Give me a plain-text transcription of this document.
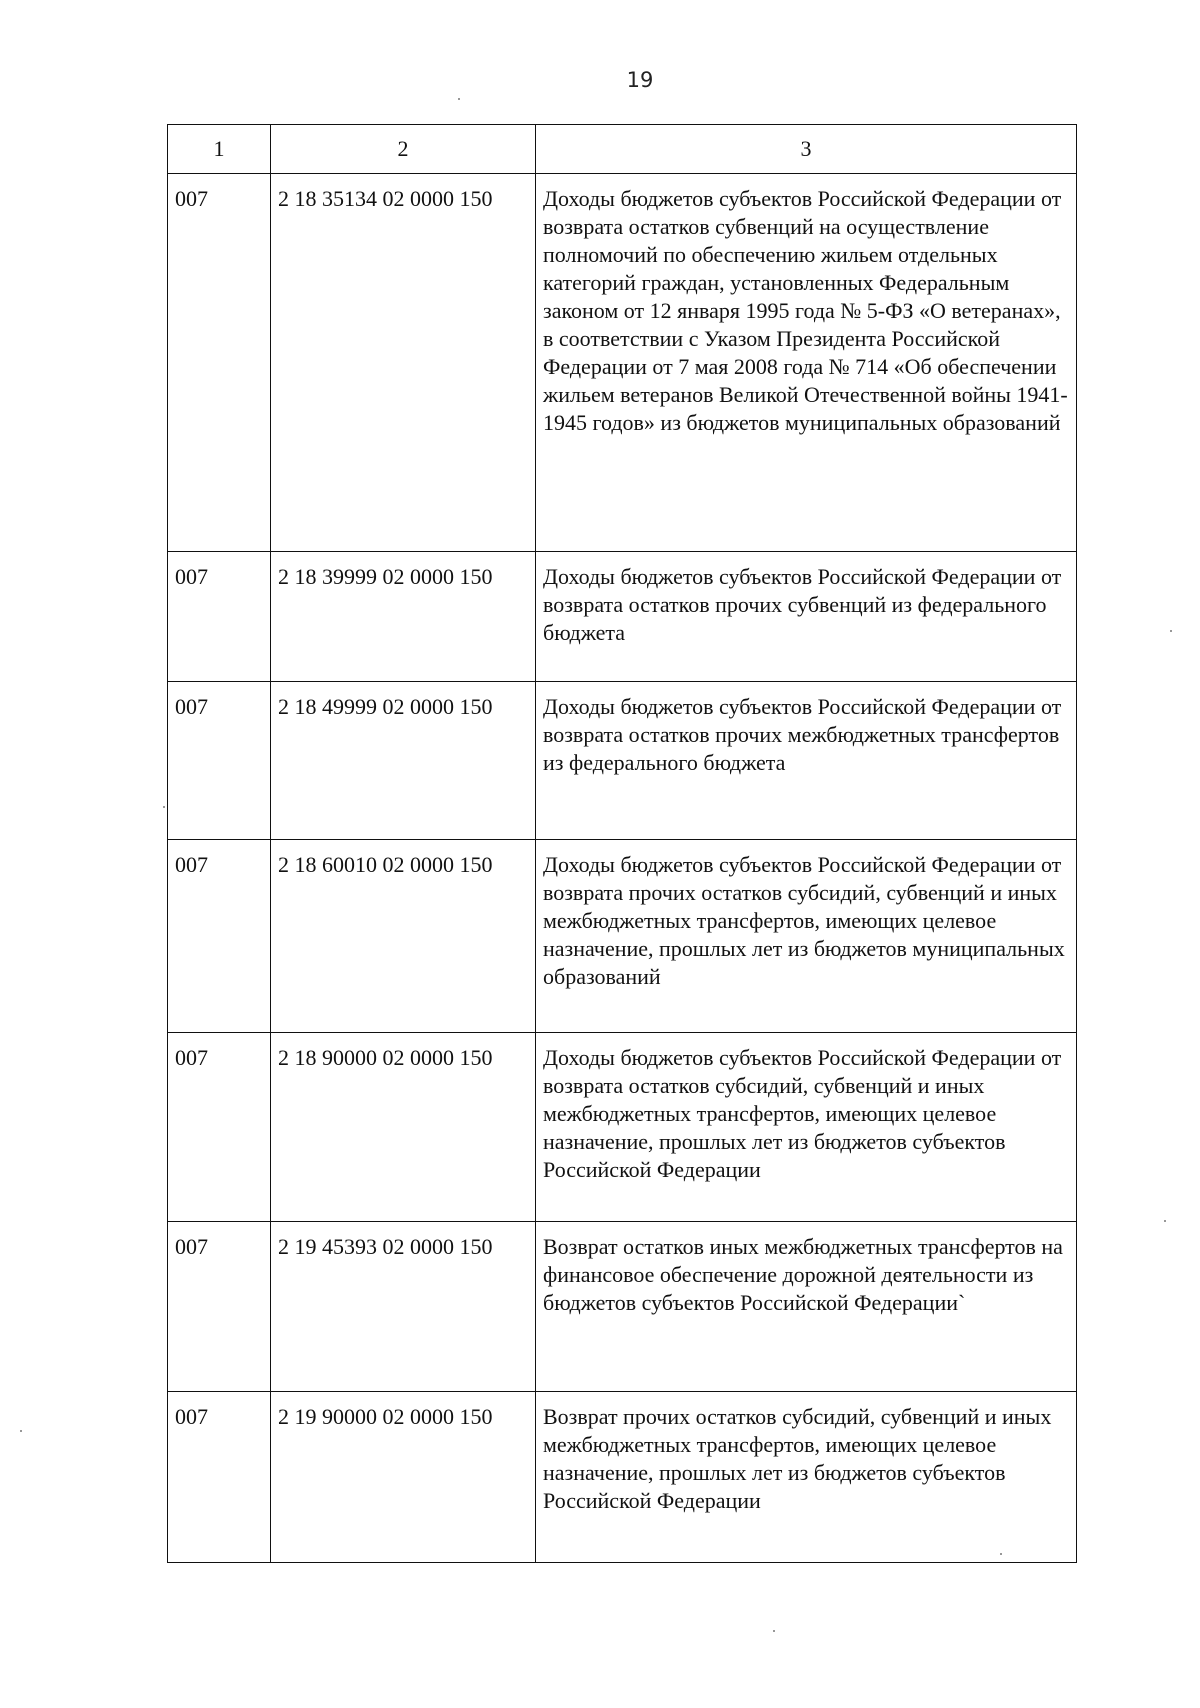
19
1	2	3
007	2 18 35134 02 0000 150	Доходы бюджетов субъектов Российской Федерации от возврата остатков субвенций на осуществление полномочий по обеспечению жильем отдельных категорий граждан, установленных Федеральным законом от 12 января 1995 года № 5-ФЗ «О ветеранах», в соответствии с Указом Президента Российской Федерации от 7 мая 2008 года № 714 «Об обеспечении жильем ветеранов Великой Отечественной войны 1941-1945 годов» из бюджетов муниципальных образований
007	2 18 39999 02 0000 150	Доходы бюджетов субъектов Российской Федерации от возврата остатков прочих субвенций из федерального бюджета
007	2 18 49999 02 0000 150	Доходы бюджетов субъектов Российской Федерации от возврата остатков прочих межбюджетных трансфертов из федерального бюджета
007	2 18 60010 02 0000 150	Доходы бюджетов субъектов Российской Федерации от возврата прочих остатков субсидий, субвенций и иных межбюджетных трансфертов, имеющих целевое назначение, прошлых лет из бюджетов муниципальных образований
007	2 18 90000 02 0000 150	Доходы бюджетов субъектов Российской Федерации от возврата остатков субсидий, субвенций и иных межбюджетных трансфертов, имеющих целевое назначение, прошлых лет из бюджетов субъектов Российской Федерации
007	2 19 45393 02 0000 150	Возврат остатков иных межбюджетных трансфертов на финансовое обеспечение дорожной деятельности из бюджетов субъектов Российской Федерации`
007	2 19 90000 02 0000 150	Возврат прочих остатков субсидий, субвенций и иных межбюджетных трансфертов, имеющих целевое назначение, прошлых лет из бюджетов субъектов Российской Федерации
